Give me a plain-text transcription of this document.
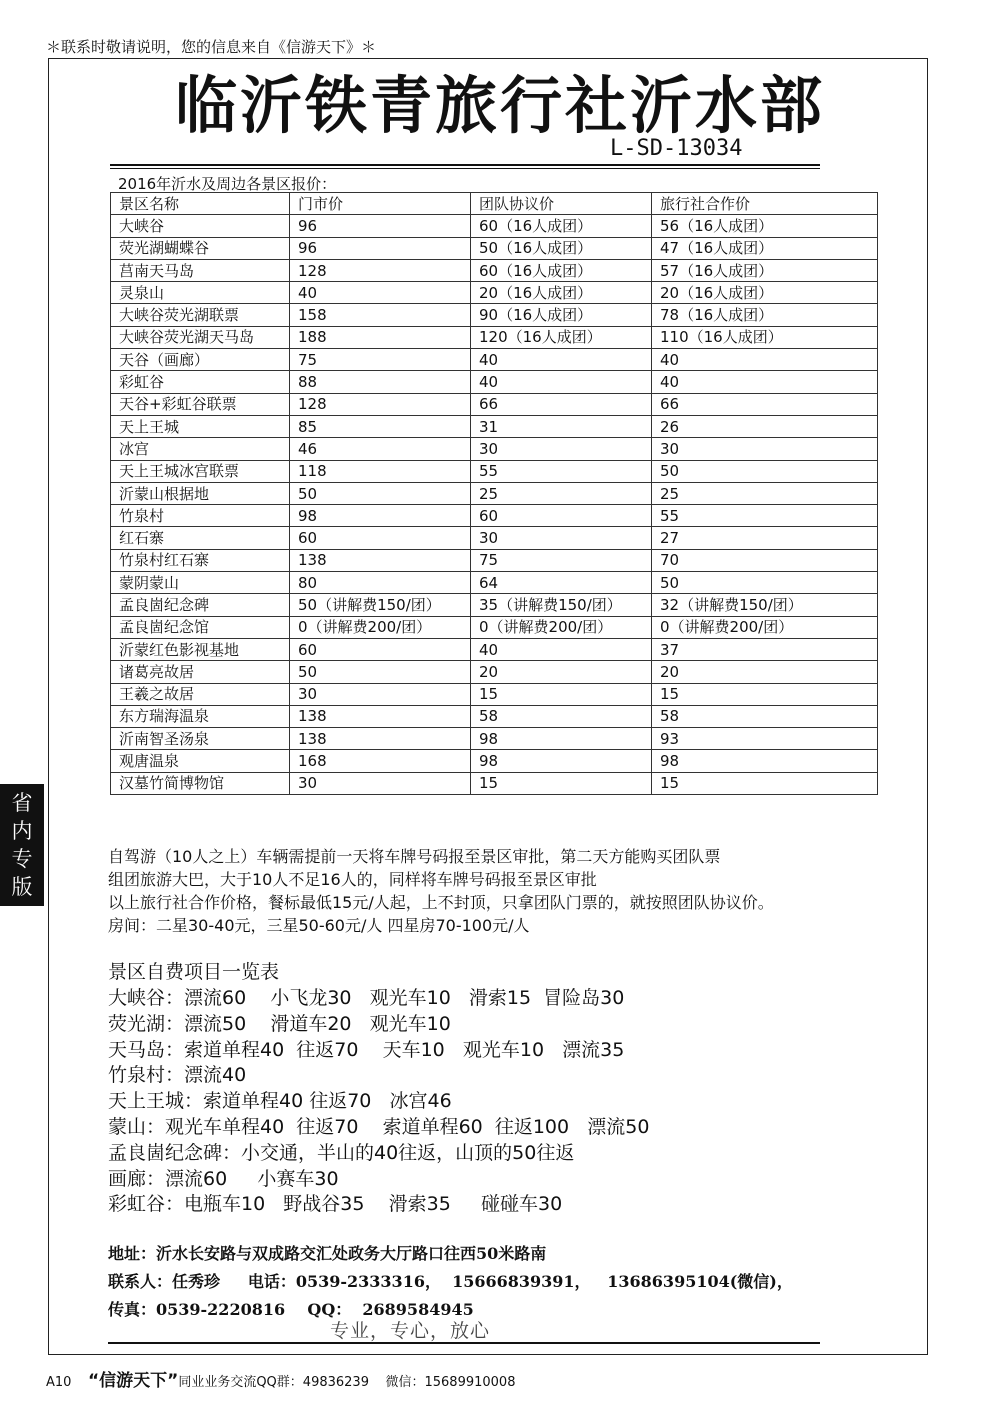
＊联系时敬请说明，您的信息来自《信游天下》＊
临沂铁青旅行社沂水部
L-SD-13034
2016年沂水及周边各景区报价：
景区名称	门市价	团队协议价	旅行社合作价
大峡谷	96	60（16人成团）	56（16人成团）
荧光湖蝴蝶谷	96	50（16人成团）	47（16人成团）
莒南天马岛	128	60（16人成团）	57（16人成团）
灵泉山	40	20（16人成团）	20（16人成团）
大峡谷荧光湖联票	158	90（16人成团）	78（16人成团）
大峡谷荧光湖天马岛	188	120（16人成团）	110（16人成团）
天谷（画廊）	75	40	40
彩虹谷	88	40	40
天谷+彩虹谷联票	128	66	66
天上王城	85	31	26
冰宫	46	30	30
天上王城冰宫联票	118	55	50
沂蒙山根据地	50	25	25
竹泉村	98	60	55
红石寨	60	30	27
竹泉村红石寨	138	75	70
蒙阴蒙山	80	64	50
孟良崮纪念碑	50（讲解费150/团）	35（讲解费150/团）	32（讲解费150/团）
孟良崮纪念馆	0（讲解费200/团）	0（讲解费200/团）	0（讲解费200/团）
沂蒙红色影视基地	60	40	37
诸葛亮故居	50	20	20
王羲之故居	30	15	15
东方瑞海温泉	138	58	58
沂南智圣汤泉	138	98	93
观唐温泉	168	98	98
汉墓竹简博物馆	30	15	15

自驾游（10人之上）车辆需提前一天将车牌号码报至景区审批，第二天方能购买团队票

组团旅游大巴，大于10人不足16人的，同样将车牌号码报至景区审批

以上旅行社合作价格，餐标最低15元/人起，上不封顶，只拿团队门票的，就按照团队协议价。

房间：二星30-40元，三星50-60元/人 四星房70-100元/人

景区自费项目一览表

大峡谷：漂流60    小飞龙30   观光车10   滑索15  冒险岛30

荧光湖：漂流50    滑道车20   观光车10

天马岛：索道单程40  往返70    天车10   观光车10   漂流35

竹泉村：漂流40

天上王城：索道单程40 往返70   冰宫46

蒙山：观光车单程40  往返70    索道单程60  往返100   漂流50

孟良崮纪念碑：小交通，半山的40往返，山顶的50往返

画廊：漂流60     小赛车30

彩虹谷：电瓶车10   野战谷35    滑索35     碰碰车30

地址：沂水长安路与双成路交汇处政务大厅路口往西50米路南

联系人：任秀珍     电话：0539-2333316，  15666839391，   13686395104(微信)，

传真：0539-2220816    QQ：  2689584945

专业，专心，放心
省
内
专
版
A10 “信游天下”同业业务交流QQ群：49836239    微信：15689910008
